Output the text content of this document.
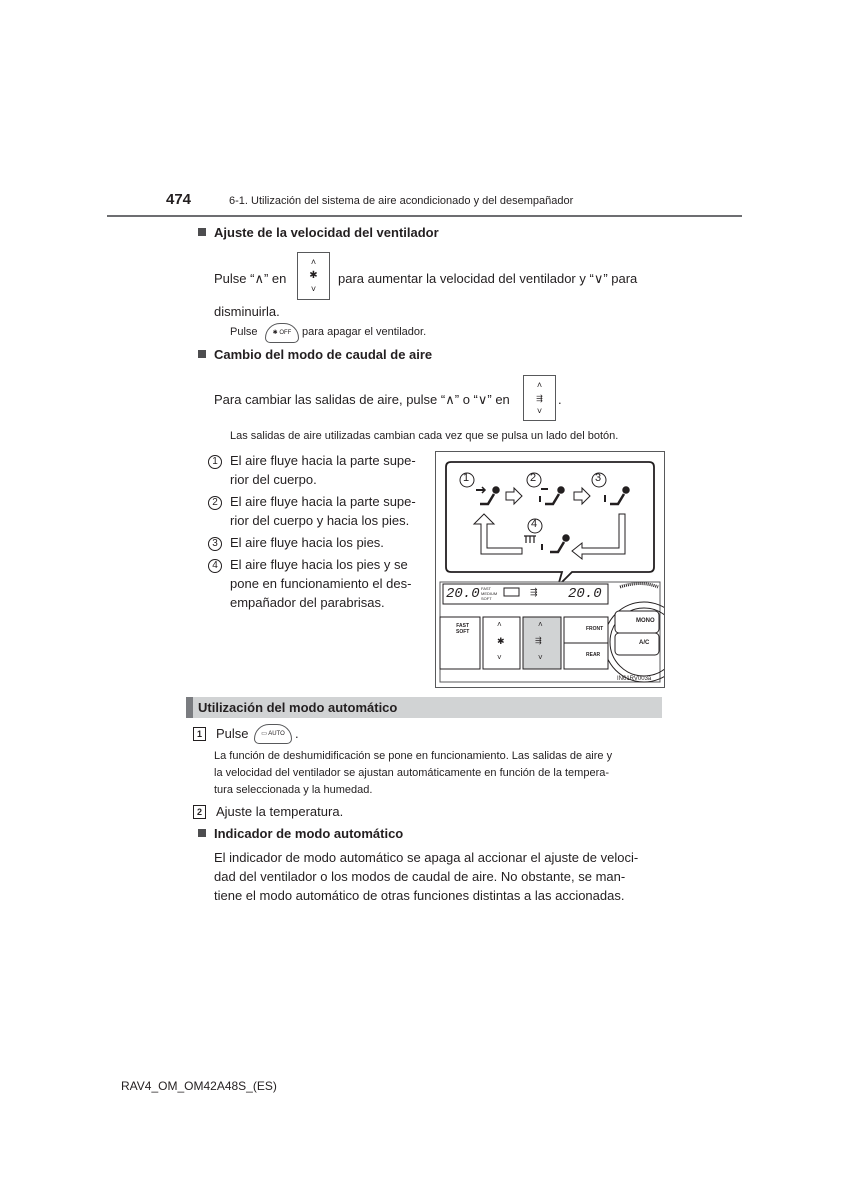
474	6-1. Utilización del sistema de aire acondicionado y del desempañador
Ajuste de la velocidad del ventilador
Pulse “∧” en
˄
✱
˅
para aumentar la velocidad del ventilador y “∨” para
disminuirla.
Pulse	✱ OFF para apagar el ventilador.
Cambio del modo de caudal de aire
Para cambiar las salidas de aire, pulse “∧” o “∨” en
˄
⇶
˅
.
Las salidas de aire utilizadas cambian cada vez que se pulsa un lado del botón.
1 El aire fluye hacia la parte supe-
rior del cuerpo.
2 El aire fluye hacia la parte supe-
rior del cuerpo y hacia los pies.
3 El aire fluye hacia los pies.
4 El aire fluye hacia los pies y se
pone en funcionamiento el des-
empañador del parabrisas.
1	2	3
4
20.0 FAST
MEDIUM
SOFT
⇶ 20.0
FAST
SOFT
˄
✱
˅
˄
⇶
˅
FRONT
REAR
MONO
A/C
IN61RV003a
Utilización del modo automático
1 Pulse	▭ AUTO .
La función de deshumidificación se pone en funcionamiento. Las salidas de aire y
la velocidad del ventilador se ajustan automáticamente en función de la tempera-
tura seleccionada y la humedad.
2 Ajuste la temperatura.
Indicador de modo automático
El indicador de modo automático se apaga al accionar el ajuste de veloci-
dad del ventilador o los modos de caudal de aire. No obstante, se man-
tiene el modo automático de otras funciones distintas a las accionadas.
RAV4_OM_OM42A48S_(ES)
